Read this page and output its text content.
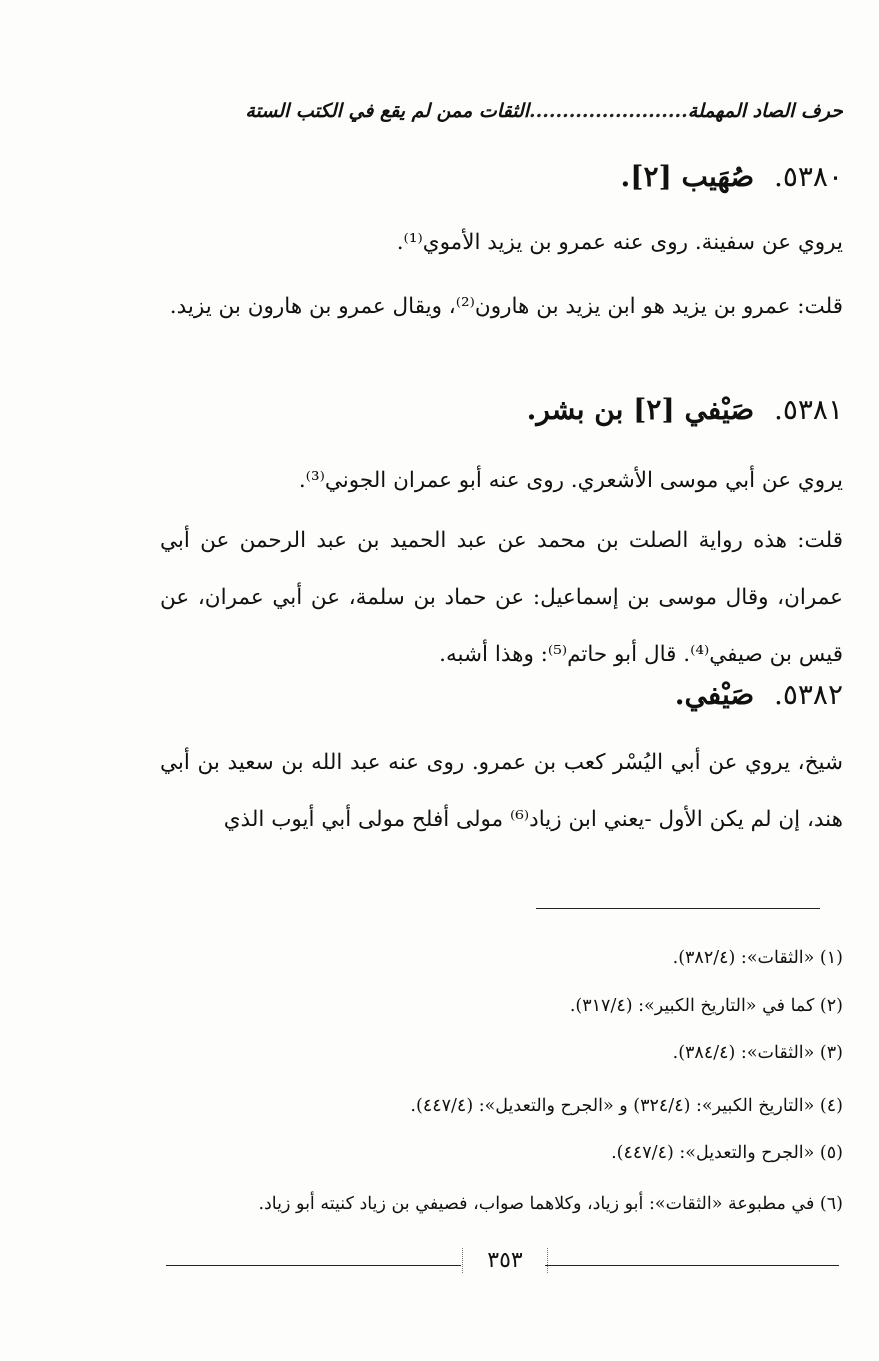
حرف الصاد المهملة........................الثقات ممن لم يقع في الكتب الستة
٥٣٨٠. صُهَيب [٢].
يروي عن سفينة. روى عنه عمرو بن يزيد الأموي⁽¹⁾.
قلت: عمرو بن يزيد هو ابن يزيد بن هارون⁽²⁾، ويقال عمرو بن هارون بن يزيد.
٥٣٨١. صَيْفي [٢] بن بشر.
يروي عن أبي موسى الأشعري. روى عنه أبو عمران الجوني⁽³⁾.
قلت: هذه رواية الصلت بن محمد عن عبد الحميد بن عبد الرحمن عن أبي عمران، وقال موسى بن إسماعيل: عن حماد بن سلمة، عن أبي عمران، عن قيس بن صيفي⁽⁴⁾. قال أبو حاتم⁽⁵⁾: وهذا أشبه.
٥٣٨٢. صَيْفي.
شيخ، يروي عن أبي اليُسْر كعب بن عمرو. روى عنه عبد الله بن سعيد بن أبي هند، إن لم يكن الأول -يعني ابن زياد⁽⁶⁾ مولى أفلح مولى أبي أيوب الذي
(١) «الثقات»: (٣٨٢/٤).
(٢) كما في «التاريخ الكبير»: (٣١٧/٤).
(٣) «الثقات»: (٣٨٤/٤).
(٤) «التاريخ الكبير»: (٣٢٤/٤) و «الجرح والتعديل»: (٤٤٧/٤).
(٥) «الجرح والتعديل»: (٤٤٧/٤).
(٦) في مطبوعة «الثقات»: أبو زياد، وكلاهما صواب، فصيفي بن زياد كنيته أبو زياد.
٣٥٣
